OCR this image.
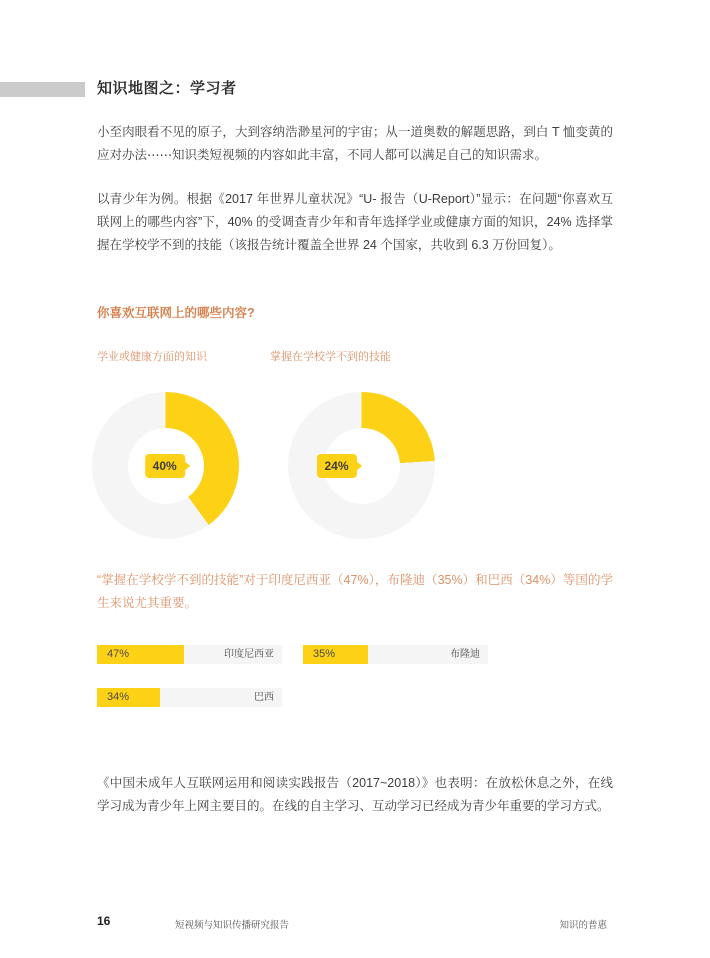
知识地图之：学习者

小至肉眼看不见的原子，大到容纳浩渺星河的宇宙；从一道奥数的解题思路，到白 T 恤变黄的应对办法⋯⋯知识类短视频的内容如此丰富，不同人都可以满足自己的知识需求。

以青少年为例。根据《2017 年世界儿童状况》“U- 报告（U-Report）”显示：在问题“你喜欢互联网上的哪些内容”下，40% 的受调查青少年和青年选择学业或健康方面的知识，24% 选择掌握在学校学不到的技能（该报告统计覆盖全世界 24 个国家，共收到 6.3 万份回复）。

你喜欢互联网上的哪些内容?
学业或健康方面的知识	掌握在学校学不到的技能
40%	24%

“掌握在学校学不到的技能”对于印度尼西亚（47%），布隆迪（35%）和巴西（34%）等国的学生来说尤其重要。

47%	印度尼西亚	35%	布隆迪
34%	巴西

《中国未成年人互联网运用和阅读实践报告（2017~2018）》也表明：在放松休息之外，在线学习成为青少年上网主要目的。在线的自主学习、互动学习已经成为青少年重要的学习方式。

16	短视频与知识传播研究报告	知识的普惠
